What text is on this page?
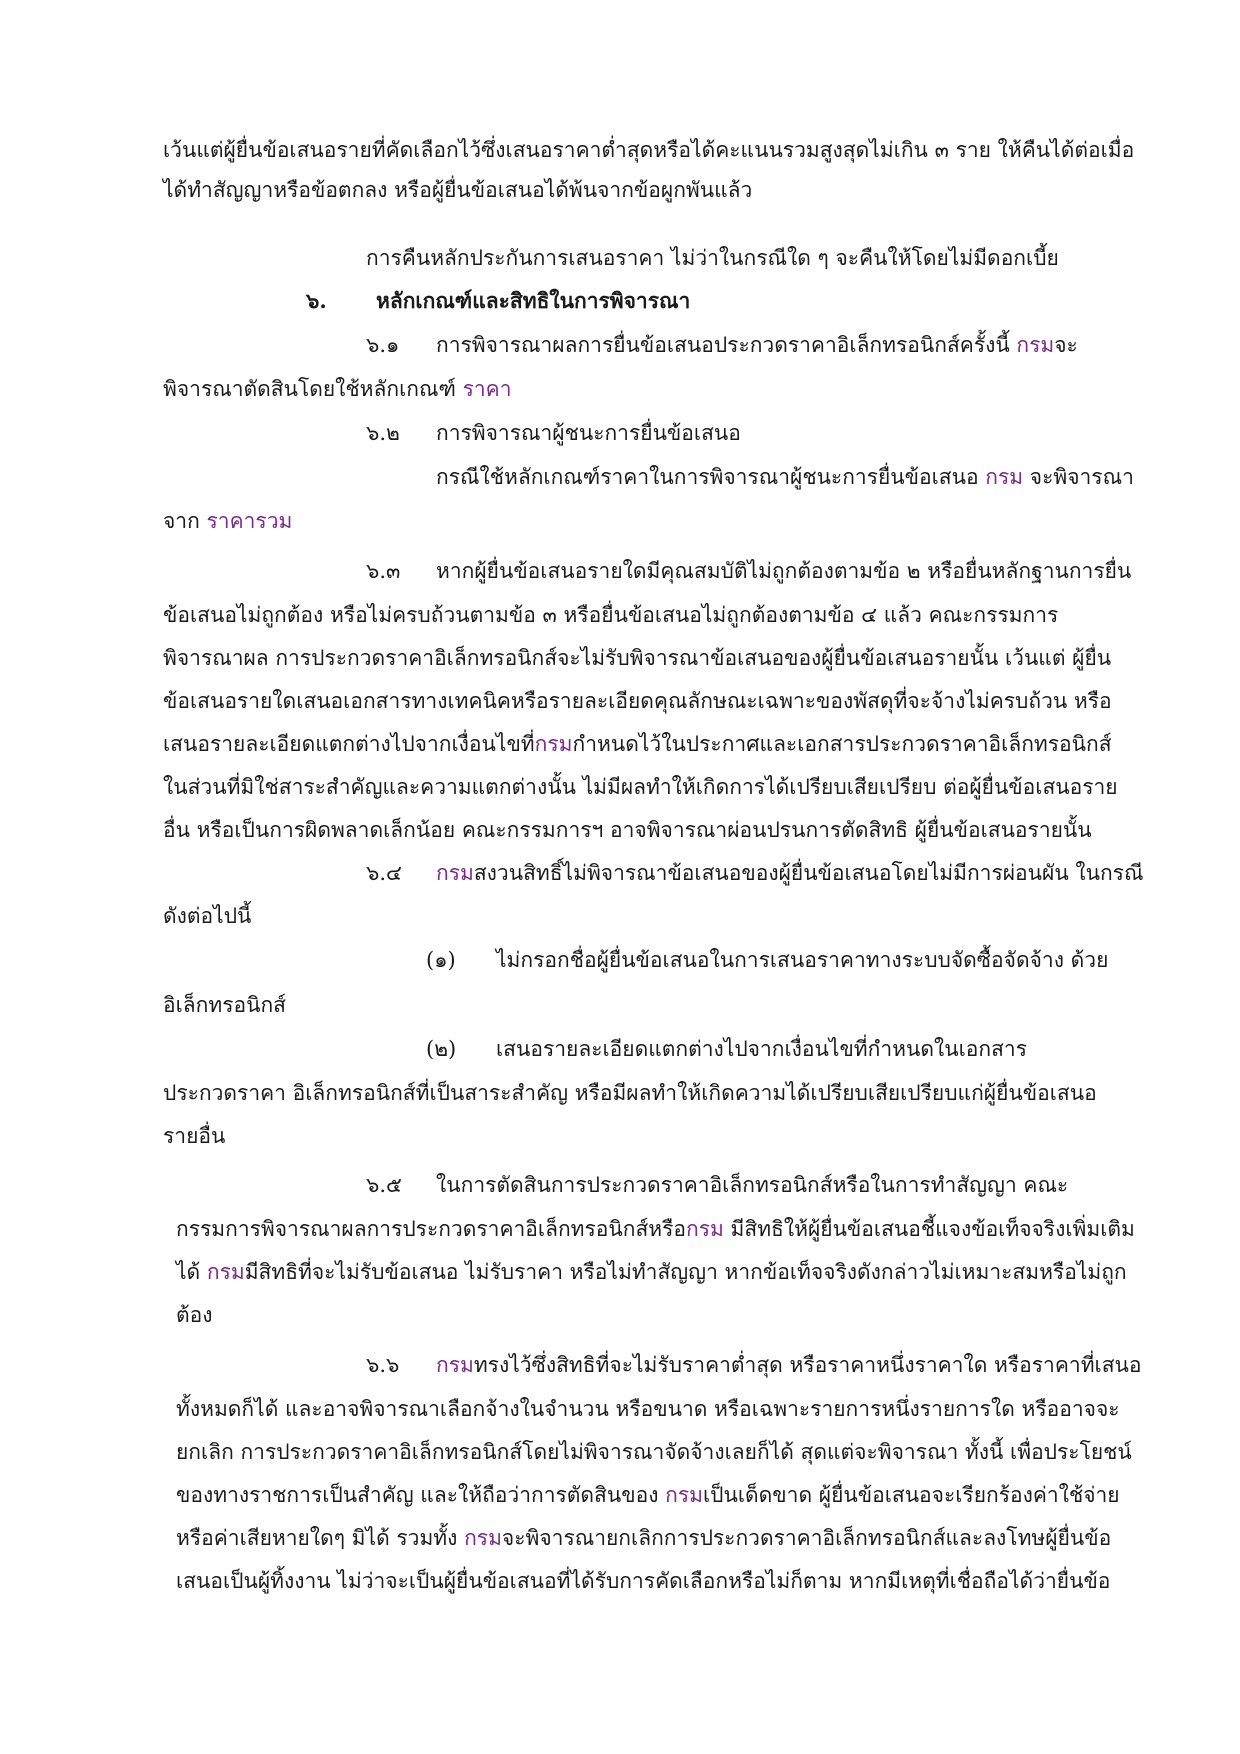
เว้นแต่ผู้ยื่นข้อเสนอรายที่คัดเลือกไว้ซึ่งเสนอราคาต่ำสุดหรือได้คะแนนรวมสูงสุดไม่เกิน ๓ ราย ให้คืนได้ต่อเมื่อ
ได้ทำสัญญาหรือข้อตกลง หรือผู้ยื่นข้อเสนอได้พ้นจากข้อผูกพันแล้ว
การคืนหลักประกันการเสนอราคา ไม่ว่าในกรณีใด ๆ จะคืนให้โดยไม่มีดอกเบี้ย
๖. หลักเกณฑ์และสิทธิในการพิจารณา
๖.๑ การพิจารณาผลการยื่นข้อเสนอประกวดราคาอิเล็กทรอนิกส์ครั้งนี้ กรมจะ
พิจารณาตัดสินโดยใช้หลักเกณฑ์ ราคา
๖.๒ การพิจารณาผู้ชนะการยื่นข้อเสนอ
กรณีใช้หลักเกณฑ์ราคาในการพิจารณาผู้ชนะการยื่นข้อเสนอ กรม จะพิจารณา
จาก ราคารวม
๖.๓ หากผู้ยื่นข้อเสนอรายใดมีคุณสมบัติไม่ถูกต้องตามข้อ ๒ หรือยื่นหลักฐานการยื่น
ข้อเสนอไม่ถูกต้อง หรือไม่ครบถ้วนตามข้อ ๓ หรือยื่นข้อเสนอไม่ถูกต้องตามข้อ ๔ แล้ว คณะกรรมการ
พิจารณาผล การประกวดราคาอิเล็กทรอนิกส์จะไม่รับพิจารณาข้อเสนอของผู้ยื่นข้อเสนอรายนั้น เว้นแต่ ผู้ยื่น
ข้อเสนอรายใดเสนอเอกสารทางเทคนิคหรือรายละเอียดคุณลักษณะเฉพาะของพัสดุที่จะจ้างไม่ครบถ้วน หรือ
เสนอรายละเอียดแตกต่างไปจากเงื่อนไขที่กรมกำหนดไว้ในประกาศและเอกสารประกวดราคาอิเล็กทรอนิกส์
ในส่วนที่มิใช่สาระสำคัญและความแตกต่างนั้น ไม่มีผลทำให้เกิดการได้เปรียบเสียเปรียบ ต่อผู้ยื่นข้อเสนอราย
อื่น หรือเป็นการผิดพลาดเล็กน้อย คณะกรรมการฯ อาจพิจารณาผ่อนปรนการตัดสิทธิ ผู้ยื่นข้อเสนอรายนั้น
๖.๔ กรมสงวนสิทธิ์ไม่พิจารณาข้อเสนอของผู้ยื่นข้อเสนอโดยไม่มีการผ่อนผัน ในกรณี
ดังต่อไปนี้
(๑) ไม่กรอกชื่อผู้ยื่นข้อเสนอในการเสนอราคาทางระบบจัดซื้อจัดจ้าง ด้วย
อิเล็กทรอนิกส์
(๒) เสนอรายละเอียดแตกต่างไปจากเงื่อนไขที่กำหนดในเอกสาร
ประกวดราคา อิเล็กทรอนิกส์ที่เป็นสาระสำคัญ หรือมีผลทำให้เกิดความได้เปรียบเสียเปรียบแก่ผู้ยื่นข้อเสนอ
รายอื่น
๖.๕ ในการตัดสินการประกวดราคาอิเล็กทรอนิกส์หรือในการทำสัญญา คณะ
กรรมการพิจารณาผลการประกวดราคาอิเล็กทรอนิกส์หรือกรม มีสิทธิให้ผู้ยื่นข้อเสนอชี้แจงข้อเท็จจริงเพิ่มเติม
ได้ กรมมีสิทธิที่จะไม่รับข้อเสนอ ไม่รับราคา หรือไม่ทำสัญญา หากข้อเท็จจริงดังกล่าวไม่เหมาะสมหรือไม่ถูก
ต้อง
๖.๖ กรมทรงไว้ซึ่งสิทธิที่จะไม่รับราคาต่ำสุด หรือราคาหนึ่งราคาใด หรือราคาที่เสนอ
ทั้งหมดก็ได้ และอาจพิจารณาเลือกจ้างในจำนวน หรือขนาด หรือเฉพาะรายการหนึ่งรายการใด หรืออาจจะ
ยกเลิก การประกวดราคาอิเล็กทรอนิกส์โดยไม่พิจารณาจัดจ้างเลยก็ได้ สุดแต่จะพิจารณา ทั้งนี้ เพื่อประโยชน์
ของทางราชการเป็นสำคัญ และให้ถือว่าการตัดสินของ กรมเป็นเด็ดขาด ผู้ยื่นข้อเสนอจะเรียกร้องค่าใช้จ่าย
หรือค่าเสียหายใดๆ มิได้ รวมทั้ง กรมจะพิจารณายกเลิกการประกวดราคาอิเล็กทรอนิกส์และลงโทษผู้ยื่นข้อ
เสนอเป็นผู้ทิ้งงาน ไม่ว่าจะเป็นผู้ยื่นข้อเสนอที่ได้รับการคัดเลือกหรือไม่ก็ตาม หากมีเหตุที่เชื่อถือได้ว่ายื่นข้อ
